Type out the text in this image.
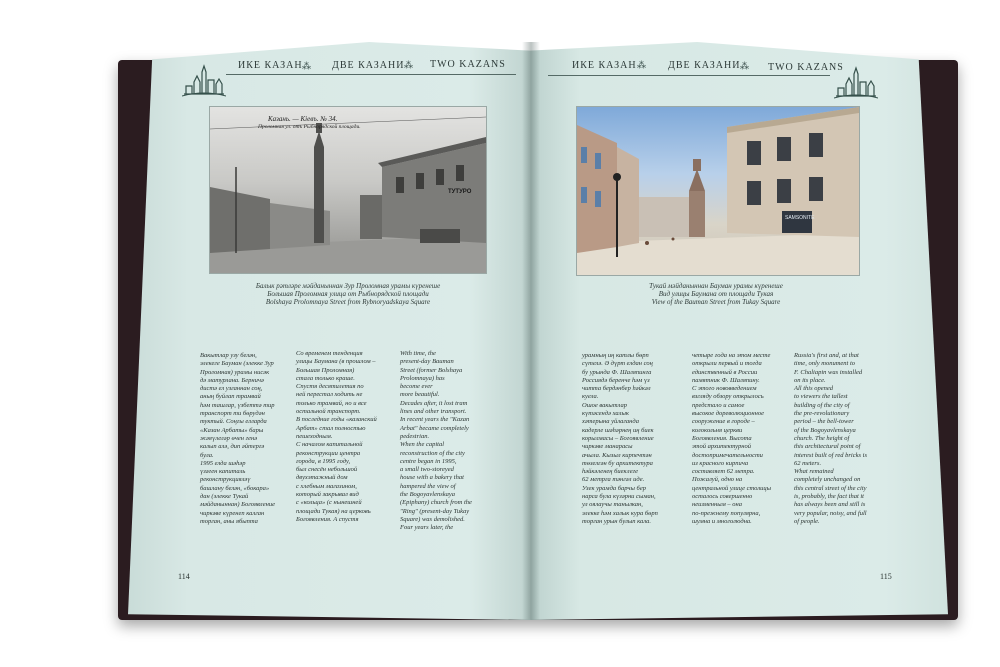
ИКЕ КАЗАН ⁂ ДВЕ КАЗАНИ ⁂ TWO KAZANS	ИКЕ КАЗАН ⁂ ДВЕ КАЗАНИ ⁂ TWO KAZANS
Казань. — Кіевъ. № 34.
Проломная ул. отъ Рыбнорядской площади.
ТУТУРО
SAMSONITE
Балык рәтләре мәйданыннан Зур Проломная урамы күренеше
Большая Проломная улица от Рыбнорядской площади
Bolshaya Prolomnaya Street from Rybnoryadskaya Square
Тукай мәйданыннан Бауман урамы күренеше
Вид улицы Баумана от площади Тукая
View of the Bauman Street from Tukay Square
Вакытлар узу белән,
элекеге Бауман (элекке Зур
Проломная) урамы нисәк
дә матурлана. Берничә
дистә ел узганнан соң,
аның буйлап трамвай
һәм ташлар, үзбеттә тир
транспорт ти бөрудән
туктый. Соңгы елларда
«Казан Арбаты» бары
жәяүлеләр өчен генә
калып алә, дип әйтергә
була.
1995 елда шәһәр
үзәген капиталь
реконструкцияләү
башлану белән, «бокара»
дан (элекке Тукай
мәйданыннан) Богоявление
чиркәве күренеп калган
торган, аны ябыпта
Со временем тенденция
улицы Баумана (в прошлом –
Большая Проломная)
стала только краше.
Спустя десятилетия по
ней перестал ходить не
только трамвай, но и все
остальной транспорт.
В последние годы «казанский
Арбат» стал полностью
пешеходным.
С началом капитальной
реконструкции центра
города, в 1995 году,
был снесён небольшой
двухэтажный дом
с хлебным магазином,
который закрывал вид
с «кольца» (с нынешней
площади Тукая) на церковь
Богоявления. А спустя
With time, the
present-day Bauman
Street (former Bolshaya
Prolomnaya) has
become ever
more beautiful.
Decades after, it lost tram
lines and other transport.
In recent years the "Kazan
Arbat" became completely
pedestrian.
When the capital
reconstruction of the city
centre began in 1995,
a small two-storeyed
house with a bakery that
hampered the view of
the Bogoyavlenskaya
(Epiphany) church from the
"Ring" (present-day Tukay
Square) was demolished.
Four years later, the
114
урамның иң катлы бөрп
сүтелә. Ә дүрт елдан соң
бу урында Ф. Шаляпинга
Россиядә беренче һәм үз
читта бердәнбер һәйкәл
куела.
Ошое вакытлар
күтәсендә халык
хәтерына уйлаганда
кадерле шәһәрнең иң биек
корылмасы – Богоявление
чиркәве манарасы
ачыла. Кызыл кирпечтән
төзелгән бу архитектура
һәйкәленең биеклеге
62 метрга тәнгәл иде.
Узек урамда барчы бер
нарса була күзәрни сыман,
ул оялаучы танылкан,
элекке һәм халык кура бөрп
торган урын булып кала.
четыре года на этом месте
открыли первый и тогда
единственный в России
памятник Ф. Шаляпину.
С этого нововведением
взгляду обзору открылось
предстало и самое
высокое дореволюционное
сооружение в городе –
колокольня церкви
Богоявления. Высота
этой архитектурной
достопримечательности
из красного кирпича
составляет 62 метра.
Пожалуй, одно на
центральной улице столицы
осталось совершенно
неизменным – она
по-прежнему популярна,
шумна и многолюдна.
Russia's first and, at that
time, only monument to
F. Chaliapin was installed
on its place.
All this opened
to viewers the tallest
building of the city of
the pre-revolutionary
period – the bell-tower
of the Bogoyavlenskaya
church. The height of
this architectural point of
interest built of red bricks is
62 meters.
What remained
completely unchanged on
this central street of the city
is, probably, the fact that it
has always been and still is
very popular, noisy, and full
of people.
115
